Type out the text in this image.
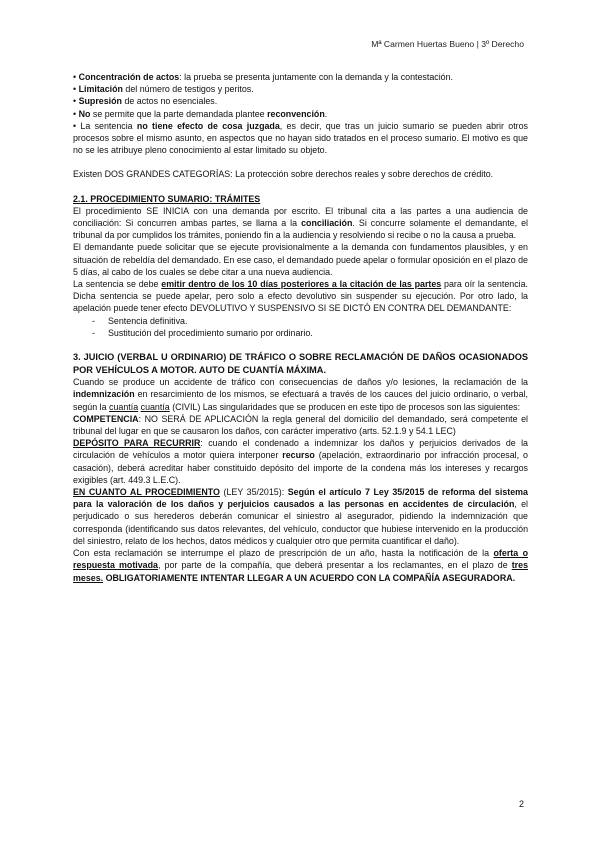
Mª Carmen Huertas Bueno | 3º Derecho

• Concentración de actos: la prueba se presenta juntamente con la demanda y la contestación.

• Limitación del número de testigos y peritos.

• Supresión de actos no esenciales.

• No se permite que la parte demandada plantee reconvención.

• La sentencia no tiene efecto de cosa juzgada, es decir, que tras un juicio sumario se pueden abrir otros procesos sobre el mismo asunto, en aspectos que no hayan sido tratados en el proceso sumario. El motivo es que no se les atribuye pleno conocimiento al estar limitado su objeto.

Existen DOS GRANDES CATEGORÍAS: La protección sobre derechos reales y sobre derechos de crédito.

2.1. PROCEDIMIENTO SUMARIO: TRÁMITES

El procedimiento SE INICIA con una demanda por escrito. El tribunal cita a las partes a una audiencia de conciliación: Si concurren ambas partes, se llama a la conciliación. Si concurre solamente el demandante, el tribunal da por cumplidos los trámites, poniendo fin a la audiencia y resolviendo si recibe o no la causa a prueba.

El demandante puede solicitar que se ejecute provisionalmente a la demanda con fundamentos plausibles, y en situación de rebeldía del demandado. En ese caso, el demandado puede apelar o formular oposición en el plazo de 5 días, al cabo de los cuales se debe citar a una nueva audiencia.

La sentencia se debe emitir dentro de los 10 días posteriores a la citación de las partes para oír la sentencia. Dicha sentencia se puede apelar, pero solo a efecto devolutivo sin suspender su ejecución. Por otro lado, la apelación puede tener efecto DEVOLUTIVO Y SUSPENSIVO SI SE DICTÓ EN CONTRA DEL DEMANDANTE:

- Sentencia definitiva.

- Sustitución del procedimiento sumario por ordinario.

3. JUICIO (VERBAL U ORDINARIO) DE TRÁFICO O SOBRE RECLAMACIÓN DE DAÑOS OCASIONADOS POR VEHÍCULOS A MOTOR. AUTO DE CUANTÍA MÁXIMA.

Cuando se produce un accidente de tráfico con consecuencias de daños y/o lesiones, la reclamación de la indemnización en resarcimiento de los mismos, se efectuará a través de los cauces del juicio ordinario, o verbal, según la cuantía cuantía (CIVIL) Las singularidades que se producen en este tipo de procesos son las siguientes:

COMPETENCIA: NO SERÁ DE APLICACIÓN la regla general del domicilio del demandado, será competente el tribunal del lugar en que se causaron los daños, con carácter imperativo (arts. 52.1.9 y 54.1 LEC)

DEPÓSITO PARA RECURRIR: cuando el condenado a indemnizar los daños y perjuicios derivados de la circulación de vehículos a motor quiera interponer recurso (apelación, extraordinario por infracción procesal, o casación), deberá acreditar haber constituido depósito del importe de la condena más los intereses y recargos exigibles (art. 449.3 L.E.C).

EN CUANTO AL PROCEDIMIENTO (LEY 35/2015): Según el artículo 7 Ley 35/2015 de reforma del sistema para la valoración de los daños y perjuicios causados a las personas en accidentes de circulación, el perjudicado o sus herederos deberán comunicar el siniestro al asegurador, pidiendo la indemnización que corresponda (identificando sus datos relevantes, del vehículo, conductor que hubiese intervenido en la producción del siniestro, relato de los hechos, datos médicos y cualquier otro que permita cuantificar el daño).

Con esta reclamación se interrumpe el plazo de prescripción de un año, hasta la notificación de la oferta o respuesta motivada, por parte de la compañía, que deberá presentar a los reclamantes, en el plazo de tres meses. OBLIGATORIAMENTE INTENTAR LLEGAR A UN ACUERDO CON LA COMPAÑÍA ASEGURADORA.

2
